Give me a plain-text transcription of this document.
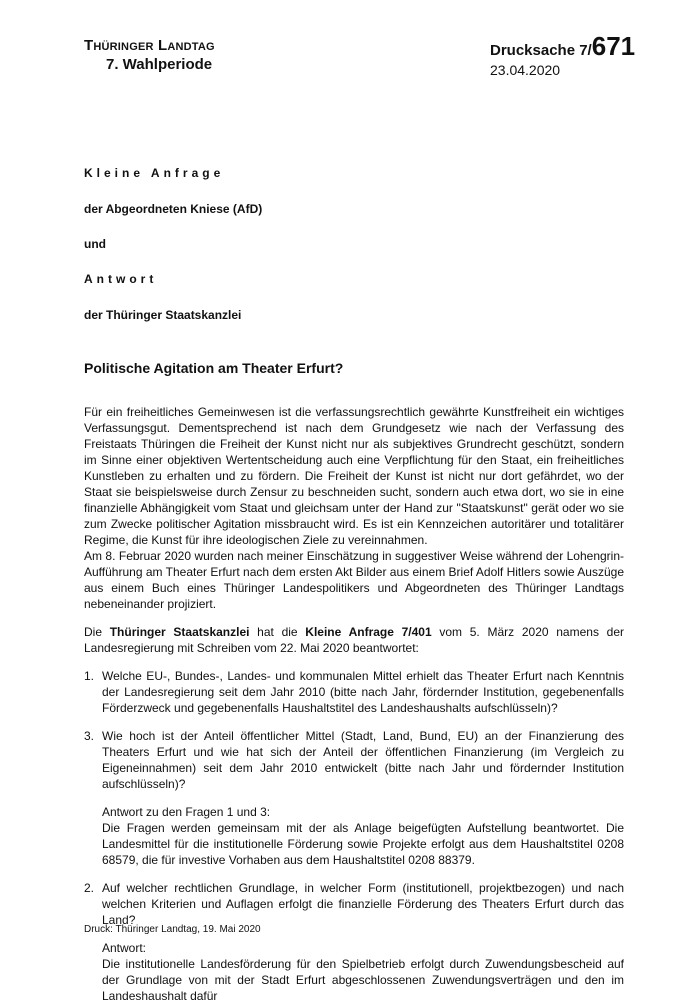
Thüringer Landtag
7. Wahlperiode
Drucksache 7/671
23.04.2020
Kleine Anfrage
der Abgeordneten Kniese (AfD)
und
Antwort
der Thüringer Staatskanzlei
Politische Agitation am Theater Erfurt?

Für ein freiheitliches Gemeinwesen ist die verfassungsrechtlich gewährte Kunstfreiheit ein wichtiges Verfassungsgut. Dementsprechend ist nach dem Grundgesetz wie nach der Verfassung des Freistaats Thüringen die Freiheit der Kunst nicht nur als subjektives Grundrecht geschützt, sondern im Sinne einer objektiven Wertentscheidung auch eine Verpflichtung für den Staat, ein freiheitliches Kunstleben zu erhalten und zu fördern. Die Freiheit der Kunst ist nicht nur dort gefährdet, wo der Staat sie beispielsweise durch Zensur zu beschneiden sucht, sondern auch etwa dort, wo sie in eine finanzielle Abhängigkeit vom Staat und gleichsam unter der Hand zur "Staatskunst" gerät oder wo sie zum Zwecke politischer Agitation missbraucht wird. Es ist ein Kennzeichen autoritärer und totalitärer Regime, die Kunst für ihre ideologischen Ziele zu vereinnahmen.

Am 8. Februar 2020 wurden nach meiner Einschätzung in suggestiver Weise während der Lohengrin-Aufführung am Theater Erfurt nach dem ersten Akt Bilder aus einem Brief Adolf Hitlers sowie Auszüge aus einem Buch eines Thüringer Landespolitikers und Abgeordneten des Thüringer Landtags nebeneinander projiziert.

Die Thüringer Staatskanzlei hat die Kleine Anfrage 7/401 vom 5. März 2020 namens der Landesregierung mit Schreiben vom 22. Mai 2020 beantwortet:

1. Welche EU-, Bundes-, Landes- und kommunalen Mittel erhielt das Theater Erfurt nach Kenntnis der Landesregierung seit dem Jahr 2010 (bitte nach Jahr, fördernder Institution, gegebenenfalls Förderzweck und gegebenenfalls Haushaltstitel des Landeshaushalts aufschlüsseln)?
3. Wie hoch ist der Anteil öffentlicher Mittel (Stadt, Land, Bund, EU) an der Finanzierung des Theaters Erfurt und wie hat sich der Anteil der öffentlichen Finanzierung (im Vergleich zu Eigeneinnahmen) seit dem Jahr 2010 entwickelt (bitte nach Jahr und fördernder Institution aufschlüsseln)?

Antwort zu den Fragen 1 und 3:

Die Fragen werden gemeinsam mit der als Anlage beigefügten Aufstellung beantwortet. Die Landesmittel für die institutionelle Förderung sowie Projekte erfolgt aus dem Haushaltstitel 0208 68579, die für investive Vorhaben aus dem Haushaltstitel 0208 88379.

2. Auf welcher rechtlichen Grundlage, in welcher Form (institutionell, projektbezogen) und nach welchen Kriterien und Auflagen erfolgt die finanzielle Förderung des Theaters Erfurt durch das Land?

Antwort:

Die institutionelle Landesförderung für den Spielbetrieb erfolgt durch Zuwendungsbescheid auf der Grundlage von mit der Stadt Erfurt abgeschlossenen Zuwendungsverträgen und den im Landeshaushalt dafür

Druck: Thüringer Landtag, 19. Mai 2020
